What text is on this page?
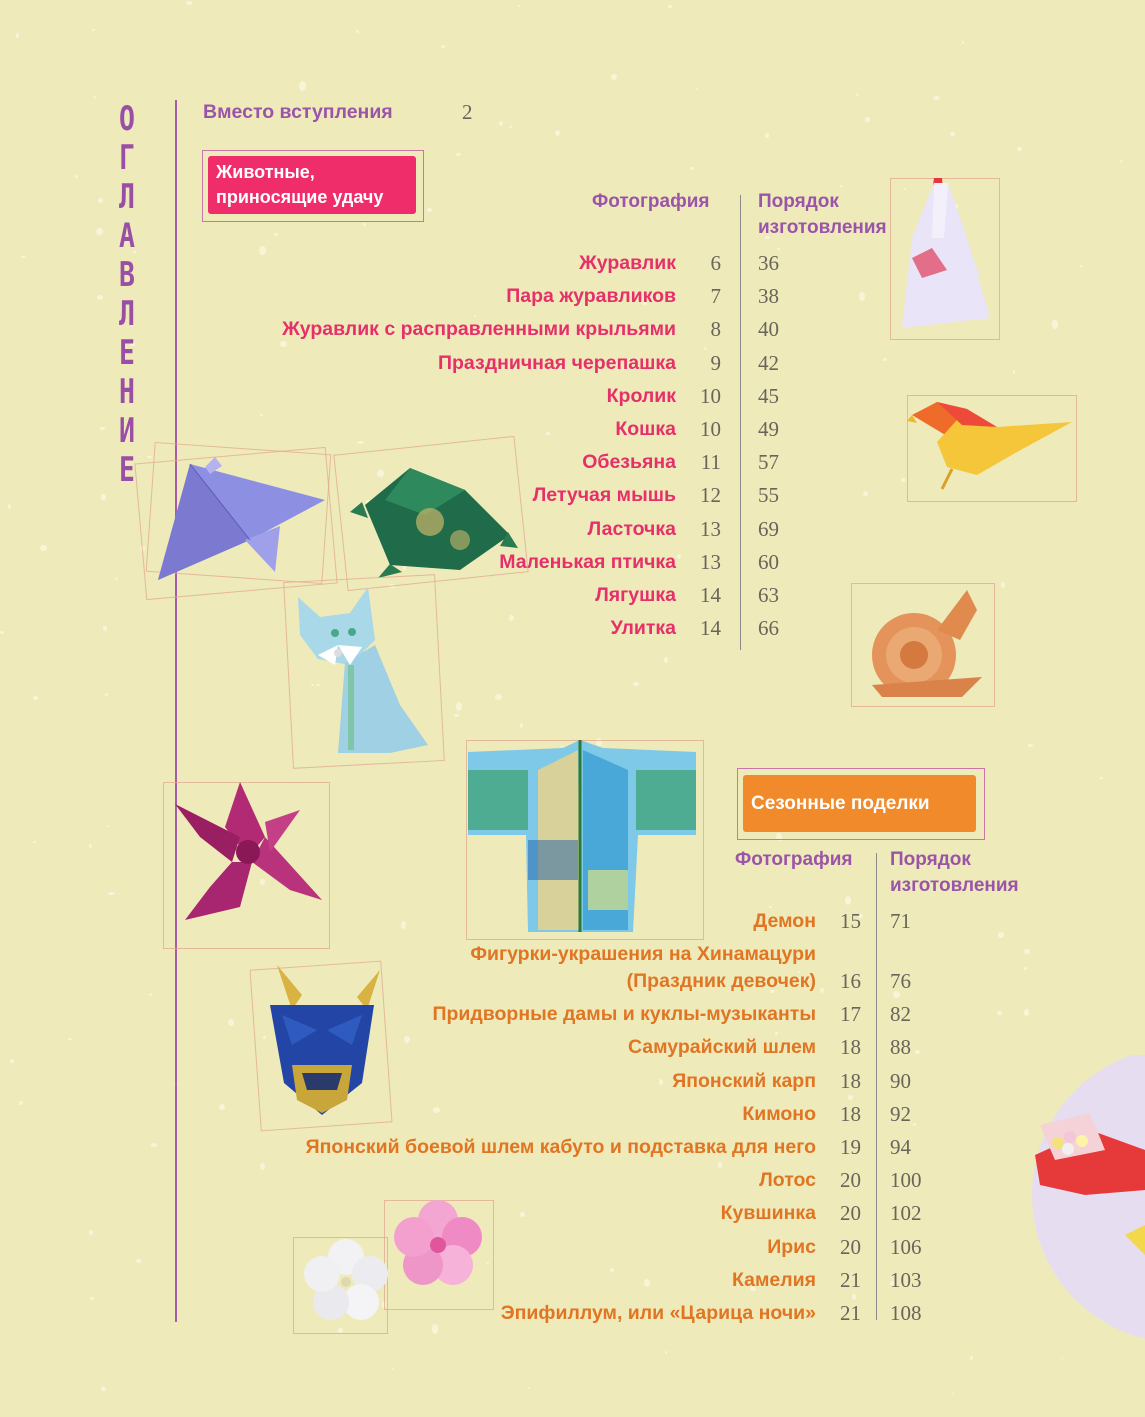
О
Г
Л
А
В
Л
Е
Н
И
Е
Вместо вступления	2
Животные, приносящие удачу	Фотография	Порядок изготовления
Журавлик 6 36
Пара журавликов 7 38
Журавлик с расправленными крыльями 8 40
Праздничная черепашка 9 42
Кролик 10 45
Кошка 10 49
Обезьяна 11 57
Летучая мышь 12 55
Ласточка 13 69
Маленькая птичка 13 60
Лягушка 14 63
Улитка 14 66
Сезонные поделки
Фотография Порядок изготовления
Демон 15 71
Фигурки-украшения на Хинамацури
(Праздник девочек) 16 76
Придворные дамы и куклы-музыканты 17 82
Самурайский шлем 18 88
Японский карп 18 90
Кимоно 18 92
Японский боевой шлем кабуто и подставка для него 19 94
Лотос 20 100
Кувшинка 20 102
Ирис 20 106
Камелия 21 103
Эпифиллум, или «Царица ночи» 21 108
